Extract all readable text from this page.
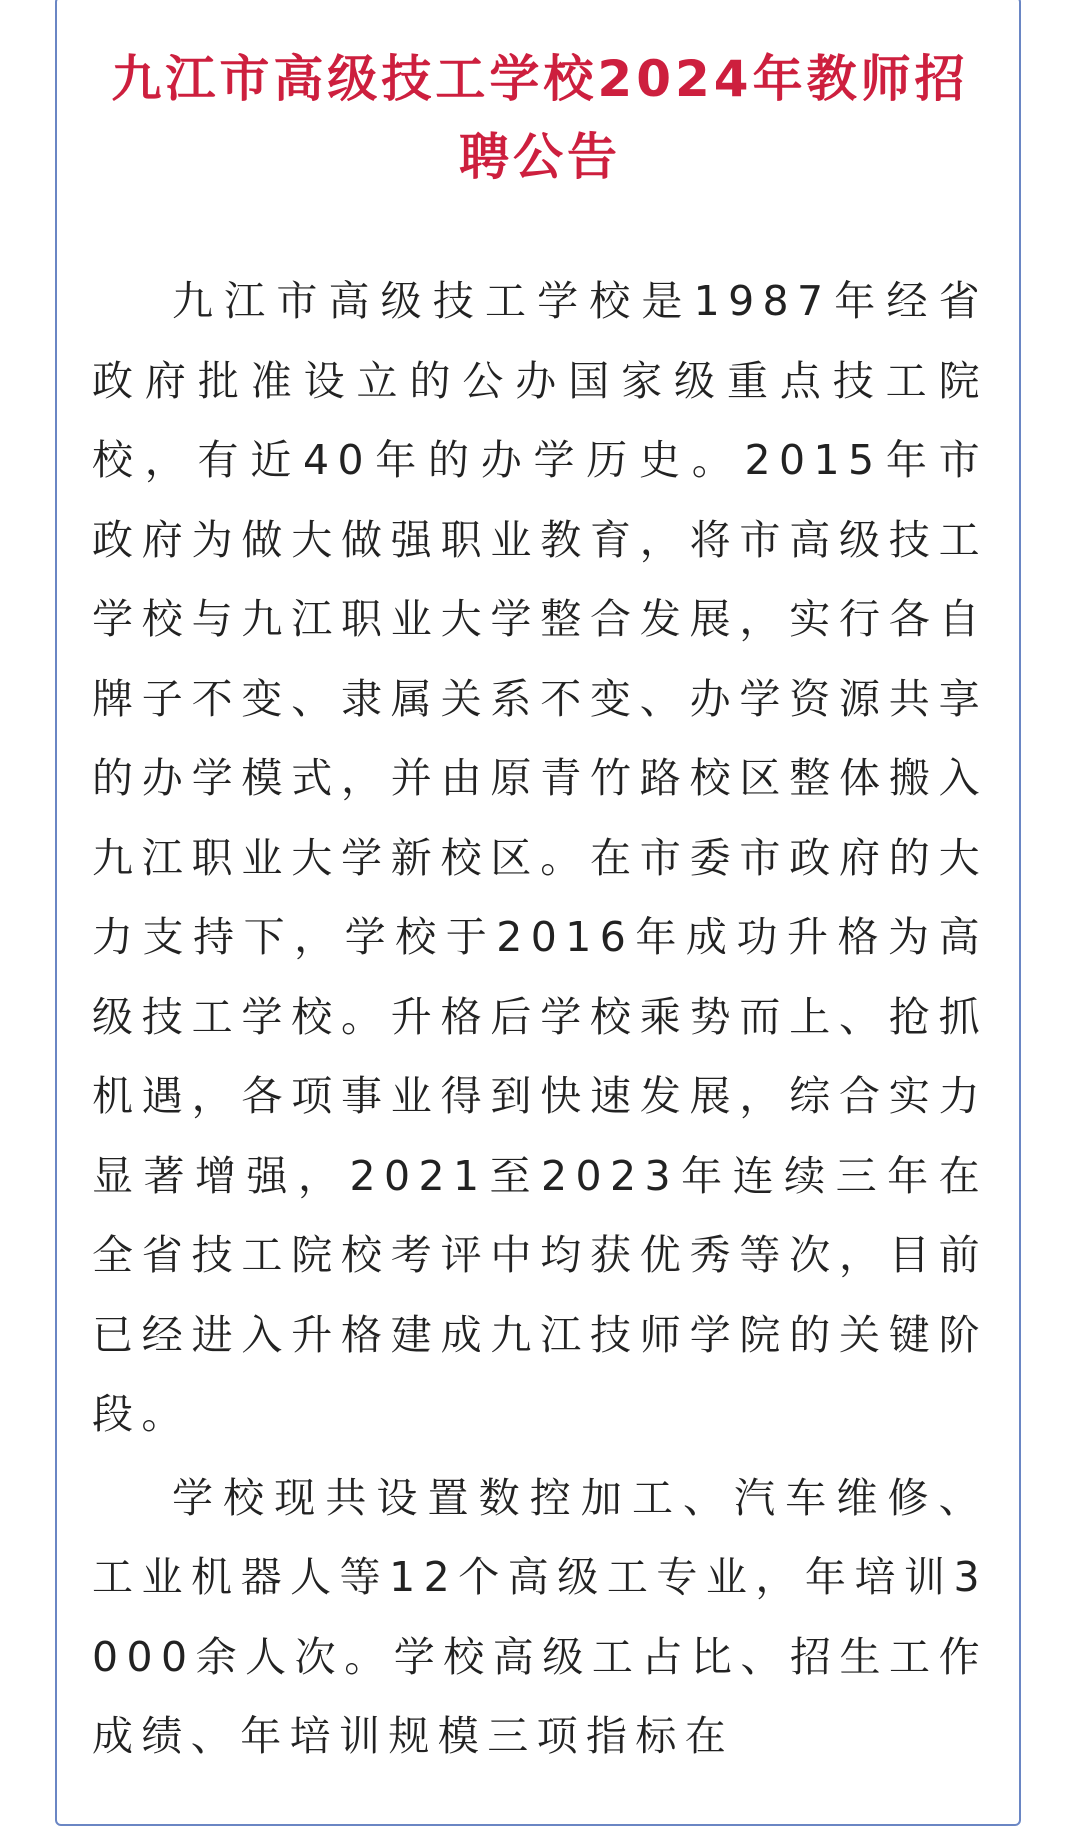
九江市高级技工学校2024年教师招聘公告

九江市高级技工学校是1987年经省政府批准设立的公办国家级重点技工院校，有近40年的办学历史。2015年市政府为做大做强职业教育，将市高级技工学校与九江职业大学整合发展，实行各自牌子不变、隶属关系不变、办学资源共享的办学模式，并由原青竹路校区整体搬入九江职业大学新校区。在市委市政府的大力支持下，学校于2016年成功升格为高级技工学校。升格后学校乘势而上、抢抓机遇，各项事业得到快速发展，综合实力显著增强，2021至2023年连续三年在全省技工院校考评中均获优秀等次，目前已经进入升格建成九江技师学院的关键阶段。

学校现共设置数控加工、汽车维修、工业机器人等12个高级工专业，年培训3000余人次。学校高级工占比、招生工作成绩、年培训规模三项指标在
